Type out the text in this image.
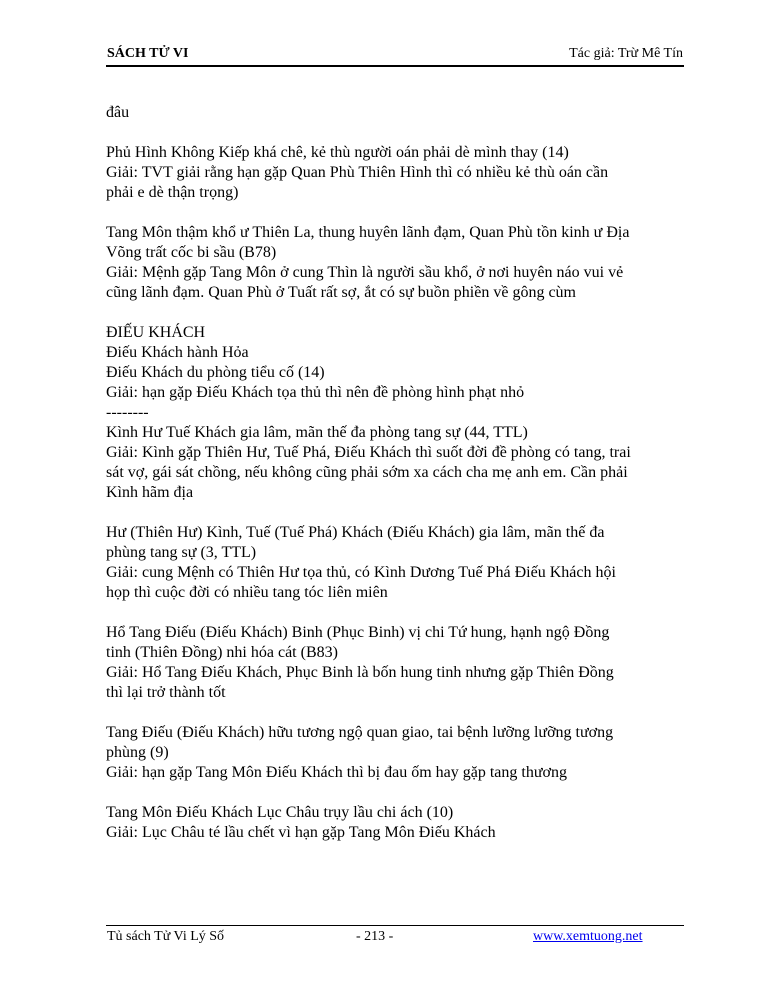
SÁCH TỬ VI	Tác giả: Trừ Mê Tín

đâu

Phủ Hình Không Kiếp khá chê, kẻ thù người oán phải dè mình thay (14)

Giải: TVT giải rằng hạn gặp Quan Phù Thiên Hình thì có nhiều kẻ thù oán cần

phải e dè thận trọng)

Tang Môn thậm khổ ư Thiên La, thung huyên lãnh đạm, Quan Phù tồn kinh ư Địa

Võng trất cốc bi sầu (B78)

Giải: Mệnh gặp Tang Môn ở cung Thìn là người sầu khổ, ở nơi huyên náo vui vẻ

cũng lãnh đạm. Quan Phù ở Tuất rất sợ, ắt có sự buồn phiền về gông cùm

ĐIẾU KHÁCH

Điếu Khách hành Hỏa

Điếu Khách du phòng tiểu cố (14)

Giải: hạn gặp Điếu Khách tọa thủ thì nên đề phòng hình phạt nhỏ

--------

Kình Hư Tuế Khách gia lâm, mãn thế đa phòng tang sự (44, TTL)

Giải: Kình gặp Thiên Hư, Tuế Phá, Điếu Khách thì suốt đời đề phòng có tang, trai

sát vợ, gái sát chồng, nếu không cũng phải sớm xa cách cha mẹ anh em. Cần phải

Kình hãm địa

Hư (Thiên Hư) Kình, Tuế (Tuế Phá) Khách (Điếu Khách) gia lâm, mãn thế đa

phùng tang sự (3, TTL)

Giải: cung Mệnh có Thiên Hư tọa thủ, có Kình Dương Tuế Phá Điếu Khách hội

họp thì cuộc đời có nhiều tang tóc liên miên

Hổ Tang Điếu (Điếu Khách) Binh (Phục Binh) vị chi Tứ hung, hạnh ngộ Đồng

tinh (Thiên Đồng) nhi hóa cát (B83)

Giải: Hổ Tang Điếu Khách, Phục Binh là bốn hung tinh nhưng gặp Thiên Đồng

thì lại trở thành tốt

Tang Điếu (Điếu Khách) hữu tương ngộ quan giao, tai bệnh lưỡng lưỡng tương

phùng (9)

Giải: hạn gặp Tang Môn Điếu Khách thì bị đau ốm hay gặp tang thương

Tang Môn Điếu Khách Lục Châu trụy lầu chi ách (10)

Giải: Lục Châu té lầu chết vì hạn gặp Tang Môn Điếu Khách

Tủ sách Tử Vi Lý Số	- 213 -	www.xemtuong.net
